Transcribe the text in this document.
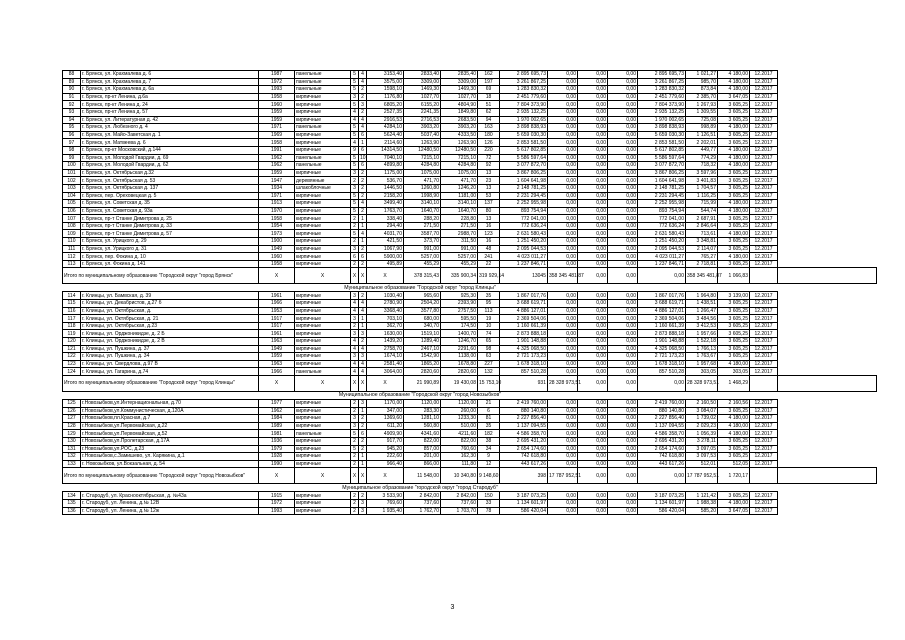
88	г. Брянск, ул. Крахмалева д. 6	1987	панельные	5	4	3153,40	2833,40	2835,40	162	2 895 695,73	0,00	0,00	0,00	2 895 695,73	1 021,27	4 180,00	12.2017	
89	г. Брянск, ул. Крахмалева д. 7	1972	панельные	5	4	3575,00	3309,00	3309,00	197	3 261 867,25	0,00	0,00	0,00	3 261 867,25	985,70	4 180,00	12.2017	
90	г. Брянск, ул. Крахмалева д. 6а	1993	панельные	5	2	1598,10	1469,30	1469,30	69	1 283 830,32	0,00	0,00	0,00	1 283 830,32	873,84	4 180,00	12.2017	
91	г. Брянск, пр-кт Ленина, д.6а	1958	кирпичные	3	2	1176,80	1027,70	1027,70	18	2 451 779,60	0,00	0,00	0,00	2 451 779,60	2 385,70	3 647,05	12.2017	
92	г. Брянск, пр-кт Ленина д. 24	1960	кирпичные	5	3	6805,20	6155,20	4804,90	51	7 804 373,90	0,00	0,00	0,00	7 804 373,90	1 267,93	3 605,25	12.2017	
93	г. Брянск, пр-кт Ленина д. 57	1959	кирпичные	4	2	2527,35	2241,35	1849,80	62	2 935 132,25	0,00	0,00	0,00	2 935 132,25	1 309,55	3 605,25	12.2017	
94	г. Брянск, ул. Литературная д. 42	1959	кирпичные	4	4	2916,53	2716,53	2683,50	94	1 970 002,65	0,00	0,00	0,00	1 970 002,65	725,08	3 605,25	12.2017	
95	г. Брянск, ул. Любезного д. 4	1971	панельные	5	4	4284,10	3903,20	3903,20	163	3 898 838,93	0,00	0,00	0,00	3 898 838,93	998,89	4 180,00	12.2017	
96	г. Брянск, ул. Майо-Заветская д. 1	1969	кирпичные	5	6	5624,40	5037,40	4333,50	180	5 659 030,30	0,00	0,00	0,00	5 659 030,30	1 126,51	3 605,25	12.2017	
97	г. Брянск, ул. Матвеева д. 6	1958	кирпичные	4	1	2114,60	1263,90	1263,90	126	2 853 581,50	0,00	0,00	0,00	2 853 581,50	2 202,01	3 605,25	12.2017	
98	г. Брянск, пр-кт Московский, д.144	1991	кирпичные	9	6	14314,50	12480,50	12480,50	220	5 617 802,85	0,00	0,00	0,00	5 617 802,85	449,77	4 180,00	12.2017	
99	г. Брянск, ул. Молодой Гвардии, д. 69	1962	панельные	5	10	7040,10	7215,10	7215,10	72	5 586 597,64	0,00	0,00	0,00	5 586 597,64	774,29	4 180,00	12.2017	
100	г. Брянск, ул. Молодой Гвардии, д. 62	1962	панельные	5	6	4899,80	4284,80	4284,80	92	3 077 872,70	0,00	0,00	0,00	3 077 872,70	718,32	4 180,00	12.2017	
101	г. Брянск, ул. Октябрьская д.32	1959	кирпичные	3	2	1175,00	1075,00	1075,00	13	3 867 806,25	0,00	0,00	0,00	3 867 806,25	3 597,96	3 605,25	12.2017	
102	г. Брянск, ул. Октябрьская д. 53	1947	деревянные	2	2	536,70	471,70	471,70	23	1 604 641,98	0,00	0,00	0,00	1 604 641,98	3 401,83	3 605,25	12.2017	
103	г. Брянск, ул. Октябрьская д. 137	1934	шлакоблочные	3	2	1446,50	1260,80	1246,20	13	2 148 781,25	0,00	0,00	0,00	2 148 781,25	1 704,57	3 605,25	12.2017	
104	г. Брянск, пер. Ореховецкая д. 5	1971	кирпичные	5	2	2158,20	1998,90	1181,00	53	2 231 294,45	0,00	0,00	0,00	2 231 294,45	1 116,25	3 605,25	12.2017	
105	г. Брянск, ул. Советская д. 35	1913	кирпичные	5	4	3499,40	3140,10	3140,10	137	2 252 955,98	0,00	0,00	0,00	2 252 955,98	715,99	4 180,00	12.2017	
106	г. Брянск, ул. Советская д. 93а	1970	кирпичные	5	2	1763,70	1640,70	1640,70	80	893 754,94	0,00	0,00	0,00	893 754,94	544,74	4 180,00	12.2017	
107	г. Брянск, пр-т Станке Димитрова д. 25	1958	кирпичные	2	1	338,40	288,20	228,80	13	772 041,00	0,00	0,00	0,00	772 041,00	2 687,91	3 605,25	12.2017	
108	г. Брянск, пр-т Станке Димитрова д. 33	1954	кирпичные	2	1	294,40	271,50	271,50	16	772 636,24	0,00	0,00	0,00	772 636,24	2 846,64	3 605,25	12.2017	
109	г. Брянск, пр-т Станке Димитрова д. 57	1973	кирпичные	5	4	4031,70	3587,70	2988,70	123	2 631 580,43	0,00	0,00	0,00	2 631 580,43	713,61	4 180,00	12.2017	
110	г. Брянск, ул. Урицкого д. 29	1900	кирпичные	2	1	421,50	373,70	311,50	16	1 251 450,20	0,00	0,00	0,00	1 251 450,20	3 348,81	3 605,25	12.2017	
111	г. Брянск, ул. Урицкого д. 31	1949	кирпичные	3	2	1067,90	991,00	991,00	48	2 095 044,53	0,00	0,00	0,00	2 095 044,53	2 114,07	3 605,25	12.2017	
112	г. Брянск, пер. Фокина д. 10	1960	кирпичные	6	6	5900,00	5257,00	5257,00	241	4 023 011,27	0,00	0,00	0,00	4 023 011,27	765,27	4 180,00	12.2017	
113	г. Брянск, ул. Фокина д. 141	1958	кирпичные	2	2	495,89	455,29	455,29	22	1 237 846,71	0,00	0,00	0,00	1 237 846,71	2 718,81	3 605,25	12.2017	
Итого по муниципальному образованию "Городской округ "город Брянск"		X	X	X	X	X	378 315,43	335 900,34	319 929,14	13045	358 345 481,87	0,00	0,00	0,00	358 345 481,87	1 066,83		
Муниципальное образование "Городской округ "город Клинцы"																		
114	г. Клинцы, ул. Бамвская, д. 39	1961	кирпичные	3	2	1030,40	965,60	925,30	35	1 867 017,76	0,00	0,00	0,00	1 867 017,76	1 964,80	3 139,00	12.2017	
115	г. Клинцы, ул. Декабристов, д.27 б	1966	кирпичные	4	4	2780,90	2504,20	2393,90	95	3 688 619,71	0,00	0,00	0,00	3 688 619,71	1 438,51	3 605,25	12.2017	
116	г. Клинцы, ул. Октябрьская, д.	1953	кирпичные	4	4	3368,40	3577,80	2757,50	113	4 886 127,01	0,00	0,00	0,00	4 886 127,01	1 266,47	3 605,25	12.2017	
117	г. Клинцы, ул. Октябрьская, д. 21	1917	кирпичные	3	1	703,10	680,00	595,50	19	2 369 504,06	0,00	0,00	0,00	2 369 504,06	3 484,56	3 605,25	12.2017	
118	г. Клинцы, ул. Октябрьская, д.23	1917	кирпичные	2	1	362,70	340,70	174,50	10	1 160 661,39	0,00	0,00	0,00	1 160 661,39	3 412,53	3 605,25	12.2017	
119	г. Клинцы, ул. Орджоникидзе, д. 2 Б	1961	кирпичные	3	3	1630,00	1519,10	1400,70	74	2 873 888,18	0,00	0,00	0,00	2 873 888,18	1 957,66	3 605,25	12.2017	
120	г. Клинцы, ул. Орджоникидзе, д. 2 В	1963	кирпичные	4	2	1439,20	1289,40	1246,70	65	1 901 148,88	0,00	0,00	0,00	1 901 148,88	1 522,18	3 605,25	12.2017	
121	г. Клинцы, ул. Пушкина, д. 37	1949	кирпичные	4	4	2758,70	2467,10	2291,60	98	4 325 068,50	0,00	0,00	0,00	4 325 068,50	1 766,13	3 605,25	12.2017	
122	г. Клинцы, ул. Пушкина, д. 34	1959	кирпичные	3	3	1674,10	1542,90	1138,00	63	2 721 173,23	0,00	0,00	0,00	2 721 173,23	1 763,67	3 605,25	12.2017	
123	г. Клинцы, ул. Свердлова, д.97 В	1963	кирпичные	4	4	2581,40	1865,20	1678,80	227	1 678 318,10	0,00	0,00	0,00	1 678 318,10	1 957,68	4 180,00	12.2017	
124	г. Клинцы, ул. Гагарина, д.74	1966	панельные	4	4	3064,00	2820,60	2820,60	132	857 510,28	0,00	0,00	0,00	857 510,28	303,05	303,05	12.2017	
Итого по муниципальному образованию "Городской округ "город Клинцы"		X	X	X	X	X	21 990,89	19 430,08	15 753,10	931	28 328 973,51	0,00	0,00	0,00	28 328 973,51	1 468,29		
Муниципальное образование "Городской округ "город Новозыбков"																		
125	г.Новозыбков,ул.Интернациональная, д.70	1977	кирпичные	2	3	1170,00	1120,00	1120,00	21	2 419 760,00	0,00	0,00	0,00	2 419 760,00	2 160,50	2 160,56	12.2017	
126	г.Новозыбков,ул.Коммунистическая, д.120А	1962	кирпичные	2	1	347,00	283,30	260,00	6	880 140,80	0,00	0,00	0,00	880 140,80	3 084,07	3 605,25	12.2017	
127	г.Новозыбков,пл.Красная, д.7	1984	кирпичные	3	2	1369,60	1281,10	1233,30	81	2 227 856,40	0,00	0,00	0,00	2 227 856,40	1 739,02	4 180,00	12.2017	
128	г.Новозыбков,ул.Первомайская, д.22	1989	кирпичные	3	2	611,20	560,80	510,00	35	1 137 094,55	0,00	0,00	0,00	1 137 094,55	2 029,23	4 180,00	12.2017	
129	г.Новозыбков,ул.Первомайская, д.52	1981	панельные	5	6	4909,90	4341,60	4211,60	182	4 586 358,70	0,00	0,00	0,00	4 586 358,70	1 056,39	4 180,00	12.2017	
130	г.Новозыбков,ул.Пролетарская, д.17А	1936	кирпичные	2	2	917,70	822,00	822,00	38	2 695 431,20	0,00	0,00	0,00	2 695 431,20	3 278,11	3 605,25	12.2017	
131	г.Новозыбков,ул.РОС, д.23	1979	кирпичные	5	2	945,20	857,00	760,60	34	2 654 174,60	0,00	0,00	0,00	2 654 174,60	3 097,05	3 605,25	12.2017	
132	г.Новозыбков,с.Замишево, ул. Карякина, д.1	1928	кирпичные	2	1	222,60	201,00	162,30	9	742 618,80	0,00	0,00	0,00	742 618,80	3 097,53	3 605,25	12.2017	
133	г. Новозыбков, ул.Вокзальная, д. 54	1990	кирпичные	2	1	966,40	866,00	111,80	12	443 617,26	0,00	0,00	0,00	443 617,26	512,01	512,05	12.2017	
Итого по муниципальному образованию "Городской округ "город Новозыбков"		X	X	X	X	X	11 548,00	10 340,80	9 148,60	398	17 787 952,51	0,00	0,00	0,00	17 787 952,51	1 720,17		
Муниципальное образование "городской округ "город Стародуб"																		
134	г. Стародуб, ул. Краснооктябрьская, д. №43а	1915	кирпичные	2	2	3 533,90	2 842,00	2 842,00	150	3 187 073,25	0,00	0,00	0,00	3 187 073,25	1 121,42	3 605,25	12.2017	
135	г. Стародуб, ул. Ленина, д.№ 12В	1972	кирпичные	2	3	769,60	737,60	737,60	33	1 134 601,97	0,00	0,00	0,00	1 134 601,97	1 988,38	4 180,00	12.2017	
136	г. Стародуб, ул. Ленина, д.№ 12ж	1993	кирпичные	2	3	1 935,40	1 762,70	1 703,70	78	586 420,04	0,00	0,00	0,00	586 420,04	585,20	3 647,05	12.2017	
3
